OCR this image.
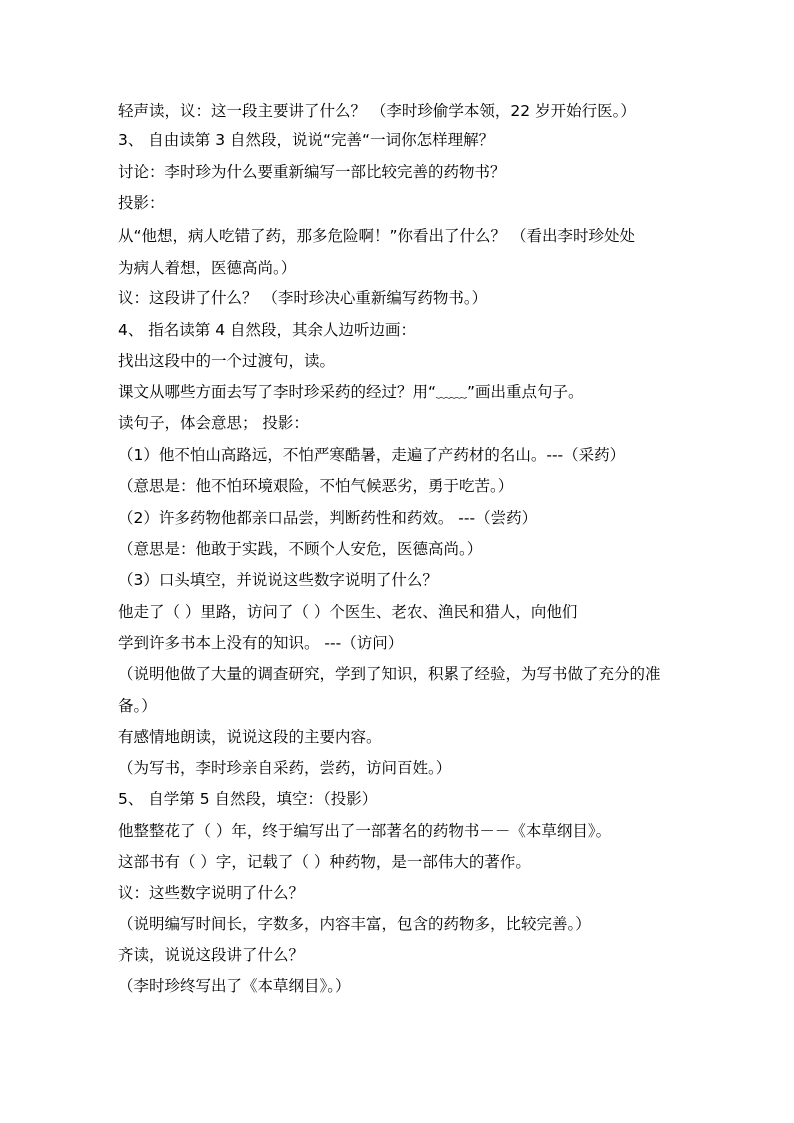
轻声读，议：这一段主要讲了什么？ （李时珍偷学本领，22 岁开始行医。）
3、 自由读第 3 自然段，说说“完善“一词你怎样理解？
讨论：李时珍为什么要重新编写一部比较完善的药物书？
投影：
从“他想，病人吃错了药，那多危险啊！”你看出了什么？ （看出李时珍处处
为病人着想，医德高尚。）
议：这段讲了什么？ （李时珍决心重新编写药物书。）
4、 指名读第 4 自然段，其余人边听边画：
找出这段中的一个过渡句，读。
课文从哪些方面去写了李时珍采药的经过？用“﹏﹏”画出重点句子。
读句子，体会意思； 投影：
（1）他不怕山高路远，不怕严寒酷暑，走遍了产药材的名山。---（采药）
（意思是：他不怕环境艰险，不怕气候恶劣，勇于吃苦。）
（2）许多药物他都亲口品尝，判断药性和药效。 ---（尝药）
（意思是：他敢于实践，不顾个人安危，医德高尚。）
（3）口头填空，并说说这些数字说明了什么？
他走了（ ）里路，访问了（ ）个医生、老农、渔民和猎人，向他们
学到许多书本上没有的知识。 ---（访问）
（说明他做了大量的调查研究，学到了知识，积累了经验，为写书做了充分的准
备。）
有感情地朗读，说说这段的主要内容。
（为写书，李时珍亲自采药，尝药，访问百姓。）
5、 自学第 5 自然段，填空：（投影）
他整整花了（ ）年，终于编写出了一部著名的药物书－－《本草纲目》。
这部书有（ ）字，记载了（ ）种药物，是一部伟大的著作。
议：这些数字说明了什么？
（说明编写时间长，字数多，内容丰富，包含的药物多，比较完善。）
齐读，说说这段讲了什么？
（李时珍终写出了《本草纲目》。）
